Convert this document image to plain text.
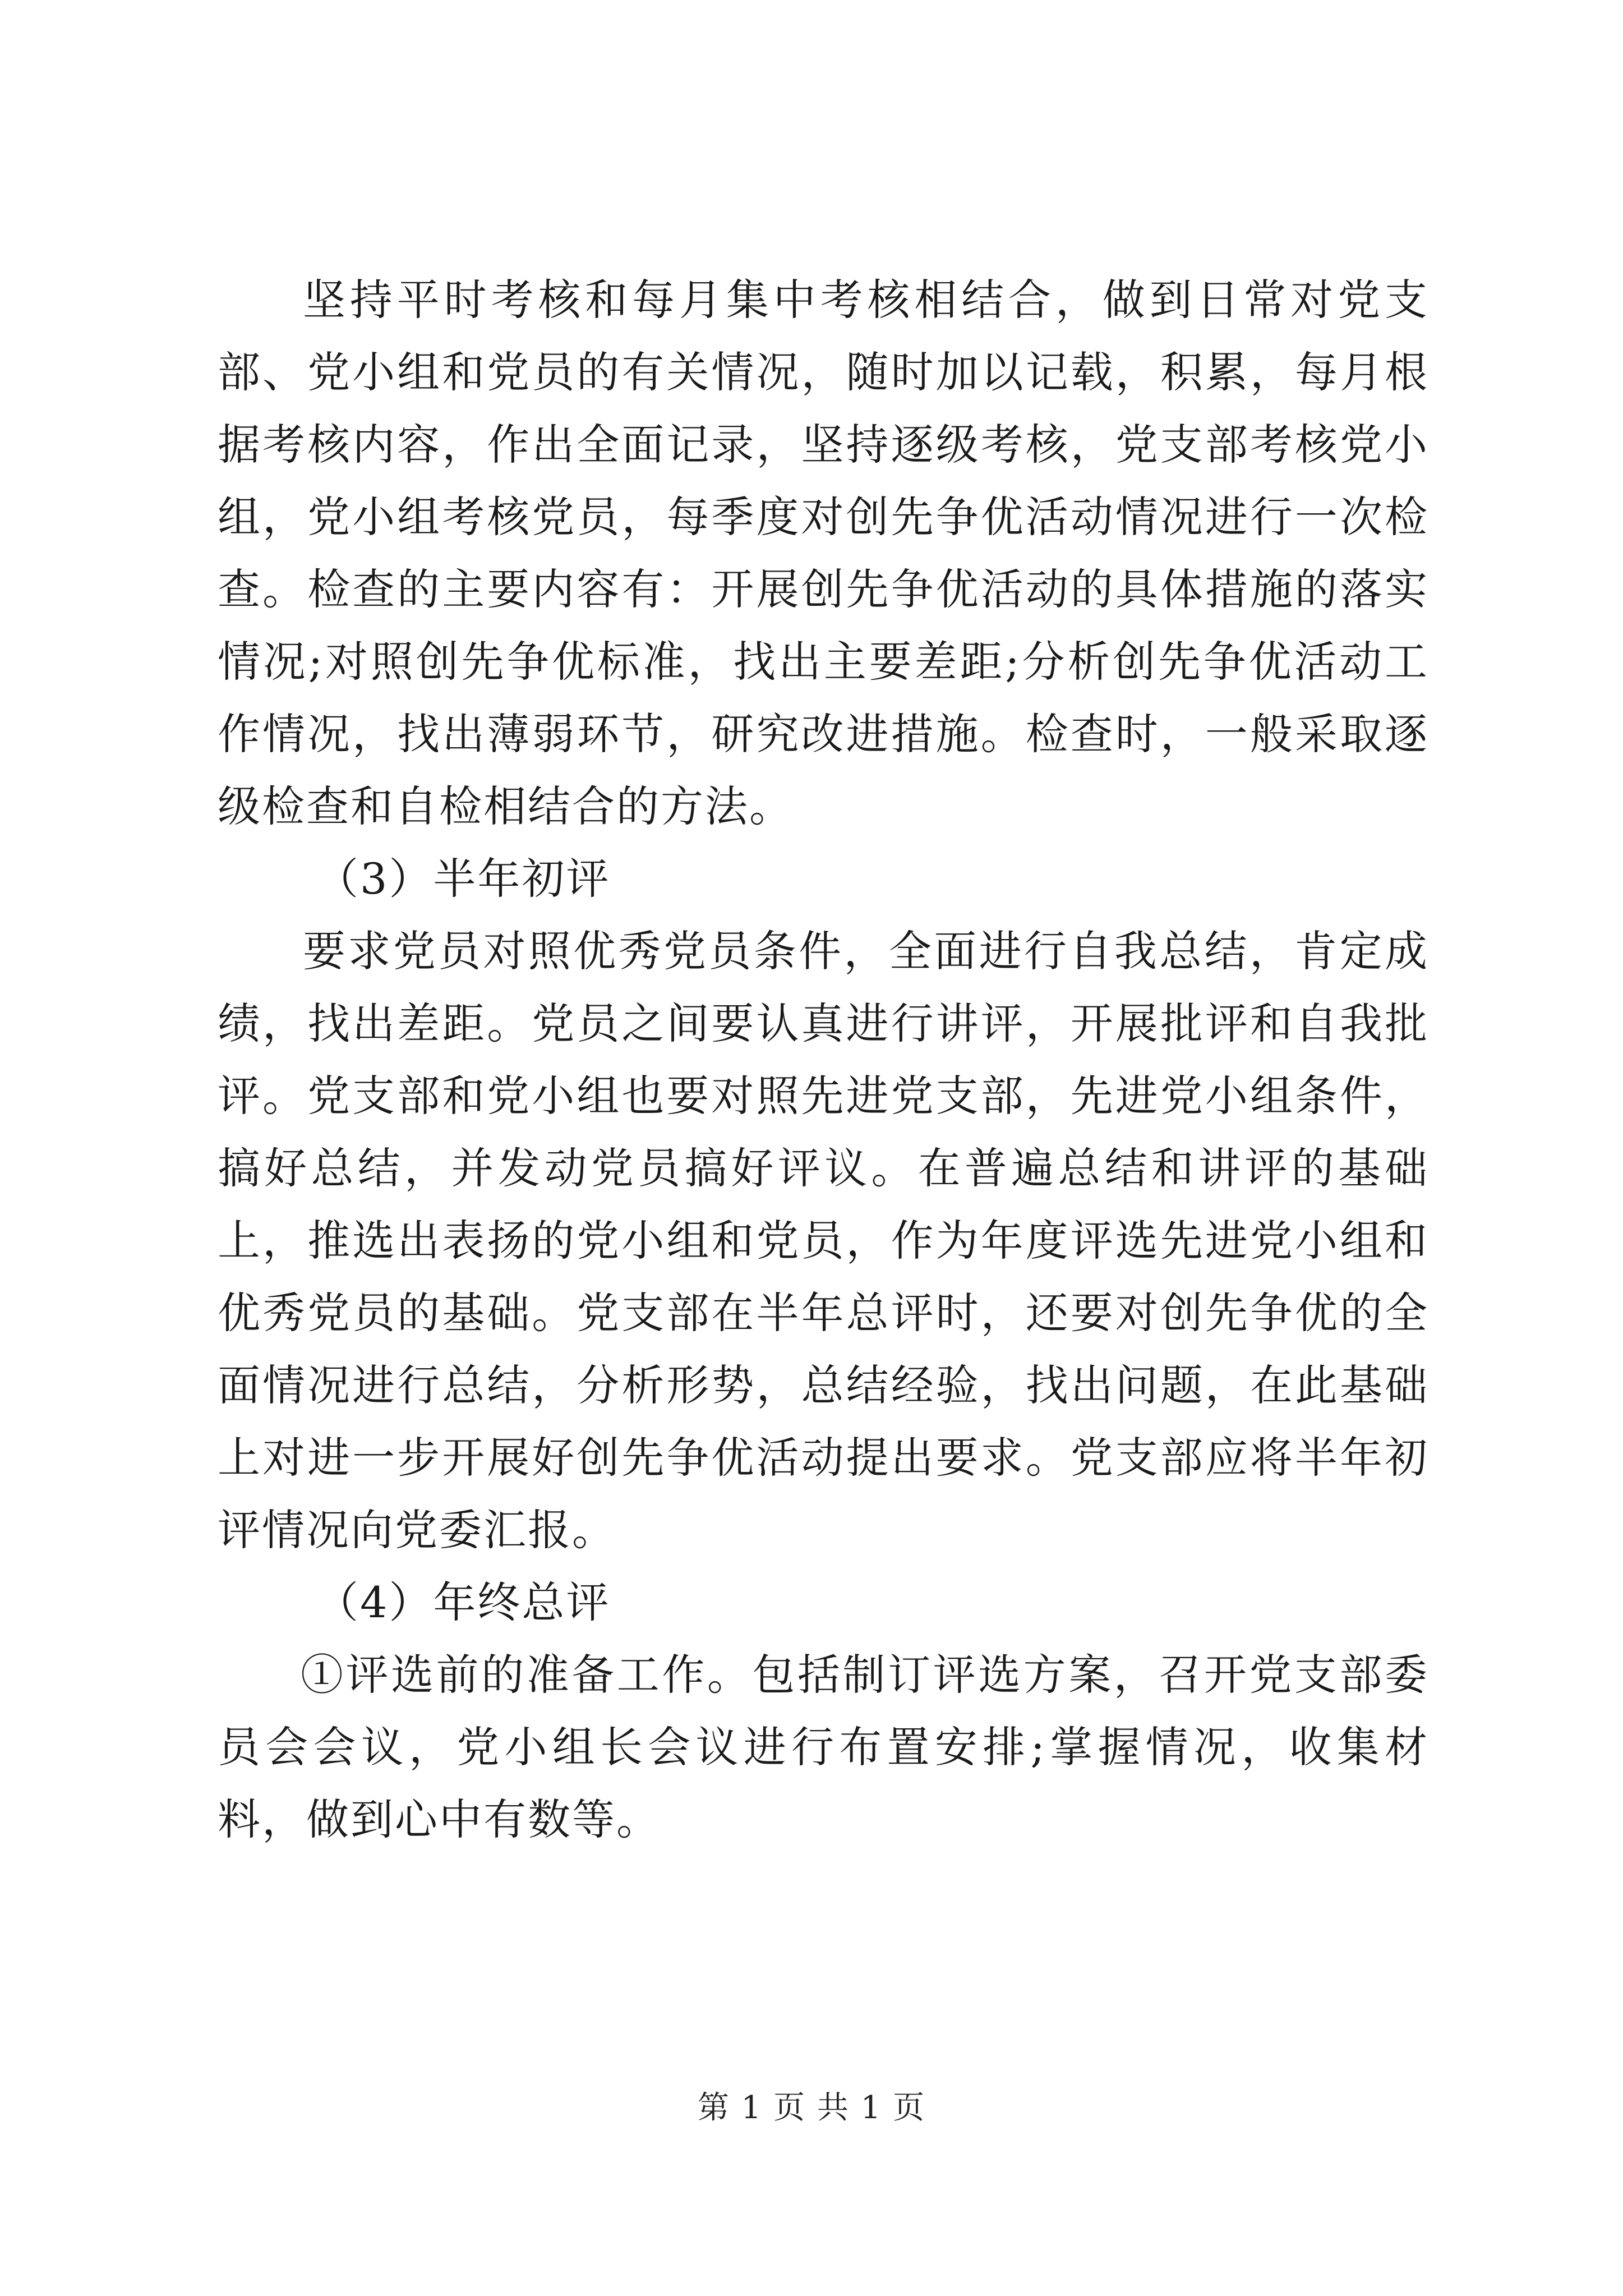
坚持平时考核和每月集中考核相结合，做到日常对党支部、党小组和党员的有关情况，随时加以记载，积累，每月根据考核内容，作出全面记录，坚持逐级考核，党支部考核党小组，党小组考核党员，每季度对创先争优活动情况进行一次检查。检查的主要内容有：开展创先争优活动的具体措施的落实情况;对照创先争优标准，找出主要差距;分析创先争优活动工作情况，找出薄弱环节，研究改进措施。检查时，一般采取逐级检查和自检相结合的方法。

（3）半年初评

要求党员对照优秀党员条件，全面进行自我总结，肯定成绩，找出差距。党员之间要认真进行讲评，开展批评和自我批评。党支部和党小组也要对照先进党支部，先进党小组条件，搞好总结，并发动党员搞好评议。在普遍总结和讲评的基础上，推选出表扬的党小组和党员，作为年度评选先进党小组和优秀党员的基础。党支部在半年总评时，还要对创先争优的全面情况进行总结，分析形势，总结经验，找出问题，在此基础上对进一步开展好创先争优活动提出要求。党支部应将半年初评情况向党委汇报。

（4）年终总评

①评选前的准备工作。包括制订评选方案，召开党支部委员会会议，党小组长会议进行布置安排;掌握情况，收集材料，做到心中有数等。

第 1 页 共 1 页
